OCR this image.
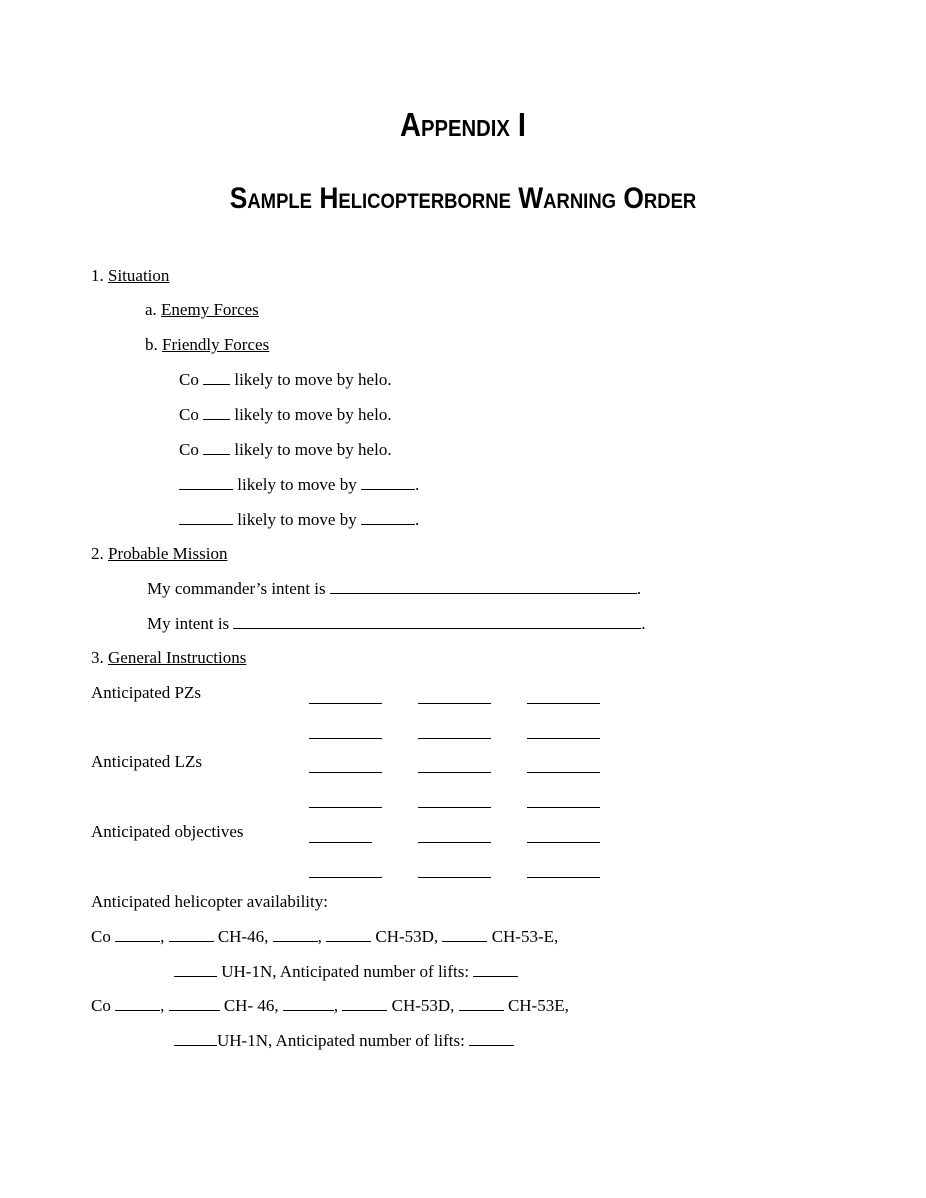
Appendix I
Sample Helicopterborne Warning Order
1. Situation
a. Enemy Forces
b. Friendly Forces
Co likely to move by helo.
Co likely to move by helo.
Co likely to move by helo.
likely to move by	.
likely to move by	.
2. Probable Mission
My commander’s intent is	.
My intent is	.
3. General Instructions
Anticipated PZs
Anticipated LZs
Anticipated objectives
Anticipated helicopter availability:
Co	,	CH-46,	,	CH-53D,	CH-53-E,
UH-1N, Anticipated number of lifts:
Co	,	CH- 46,	,	CH-53D,	CH-53E,
UH-1N, Anticipated number of lifts:
